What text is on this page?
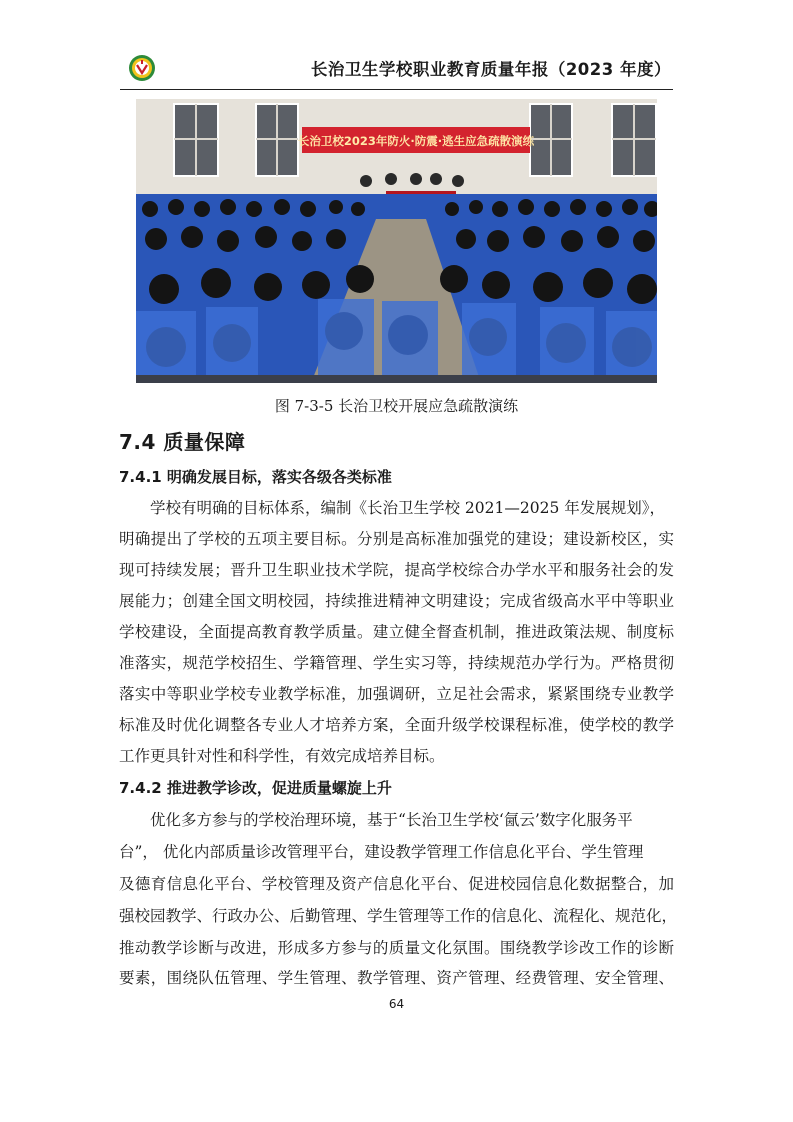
长治卫生学校职业教育质量年报（2023 年度）
长治卫校2023年防火·防震·逃生应急疏散演练
图 7-3-5 长治卫校开展应急疏散演练
7.4 质量保障
7.4.1 明确发展目标，落实各级各类标准
学校有明确的目标体系，编制《长治卫生学校 2021—2025 年发展规划》，
明确提出了学校的五项主要目标。分别是高标准加强党的建设；建设新校区，实
现可持续发展；晋升卫生职业技术学院，提高学校综合办学水平和服务社会的发
展能力；创建全国文明校园，持续推进精神文明建设；完成省级高水平中等职业
学校建设，全面提高教育教学质量。建立健全督查机制，推进政策法规、制度标
准落实，规范学校招生、学籍管理、学生实习等，持续规范办学行为。严格贯彻
落实中等职业学校专业教学标准，加强调研，立足社会需求，紧紧围绕专业教学
标准及时优化调整各专业人才培养方案，全面升级学校课程标准，使学校的教学
工作更具针对性和科学性，有效完成培养目标。
7.4.2 推进教学诊改，促进质量螺旋上升
优化多方参与的学校治理环境，基于“长治卫生学校‘氤云’数字化服务平
台”， 优化内部质量诊改管理平台，建设教学管理工作信息化平台、学生管理
及德育信息化平台、学校管理及资产信息化平台、促进校园信息化数据整合，加
强校园教学、行政办公、后勤管理、学生管理等工作的信息化、流程化、规范化，
推动教学诊断与改进，形成多方参与的质量文化氛围。围绕教学诊改工作的诊断
要素，围绕队伍管理、学生管理、教学管理、资产管理、经费管理、安全管理、
64
